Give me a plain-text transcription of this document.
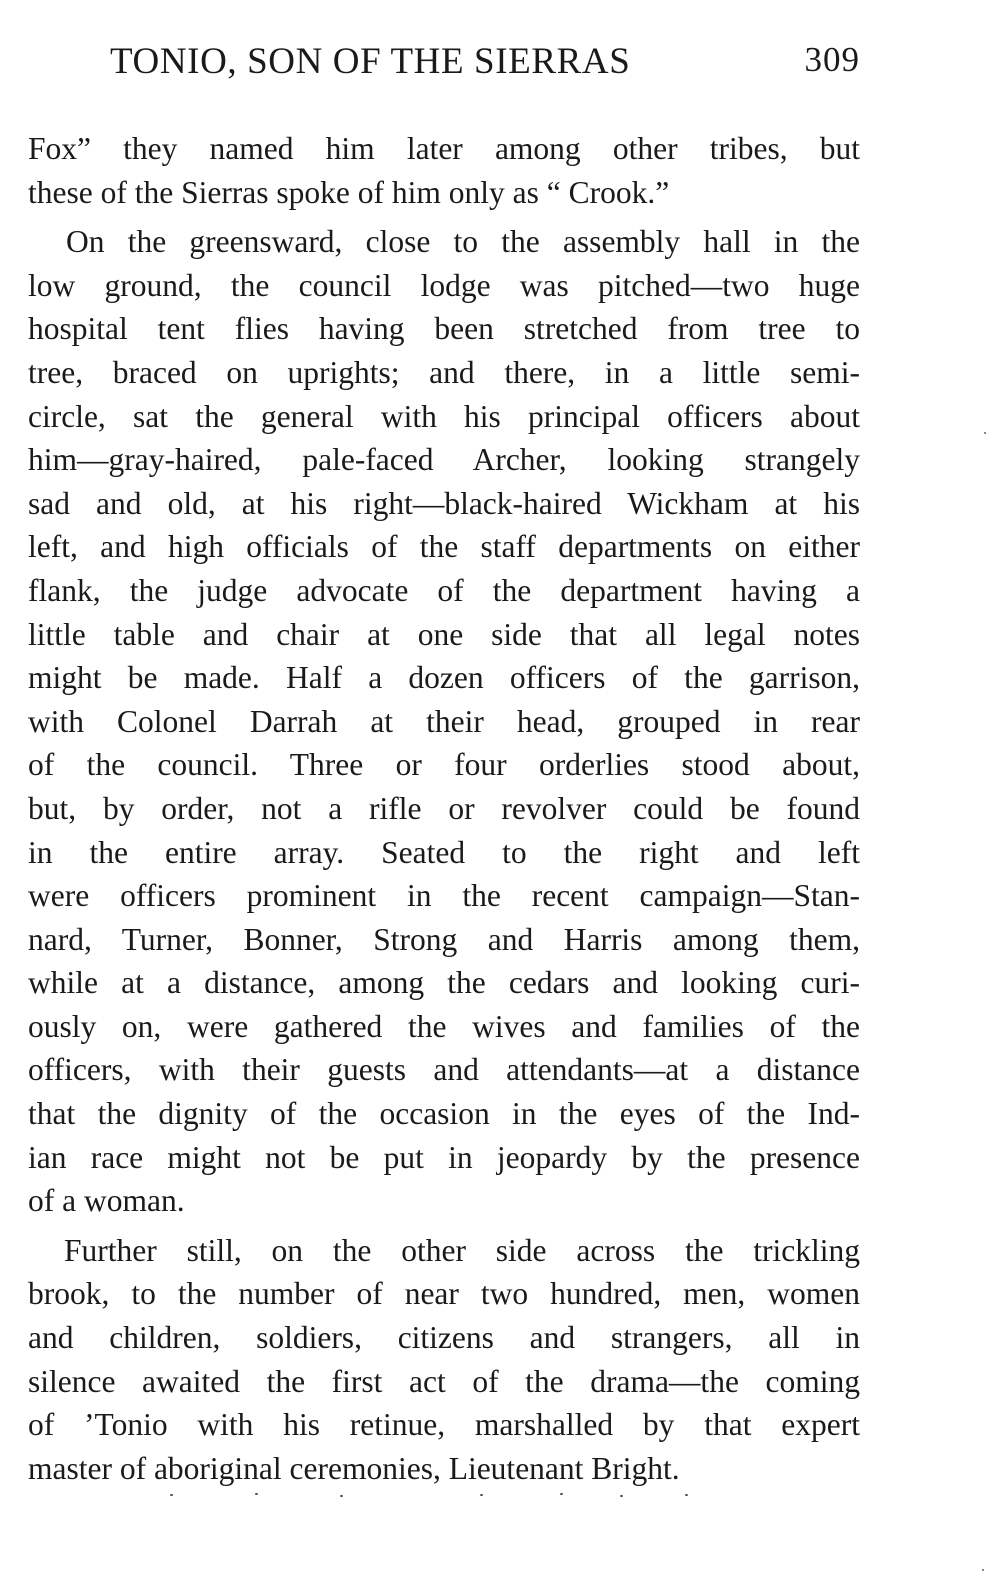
TONIO, SON OF THE SIERRAS	309

Fox” they named him later among other tribes, but
these of the Sierras spoke of him only as “ Crook.”

On the greensward, close to the assembly hall in the
low ground, the council lodge was pitched—two huge
hospital tent flies having been stretched from tree to
tree, braced on uprights; and there, in a little semi-
circle, sat the general with his principal officers about
him—gray-haired, pale-faced Archer, looking strangely
sad and old, at his right—black-haired Wickham at his
left, and high officials of the staff departments on either
flank, the judge advocate of the department having a
little table and chair at one side that all legal notes
might be made. Half a dozen officers of the garrison,
with Colonel Darrah at their head, grouped in rear
of the council. Three or four orderlies stood about,
but, by order, not a rifle or revolver could be found
in the entire array. Seated to the right and left
were officers prominent in the recent campaign—Stan-
nard, Turner, Bonner, Strong and Harris among them,
while at a distance, among the cedars and looking curi-
ously on, were gathered the wives and families of the
officers, with their guests and attendants—at a distance
that the dignity of the occasion in the eyes of the Ind-
ian race might not be put in jeopardy by the presence
of a woman.

Further still, on the other side across the trickling
brook, to the number of near two hundred, men, women
and children, soldiers, citizens and strangers, all in
silence awaited the first act of the drama—the coming
of ’Tonio with his retinue, marshalled by that expert
master of aboriginal ceremonies, Lieutenant Bright.
